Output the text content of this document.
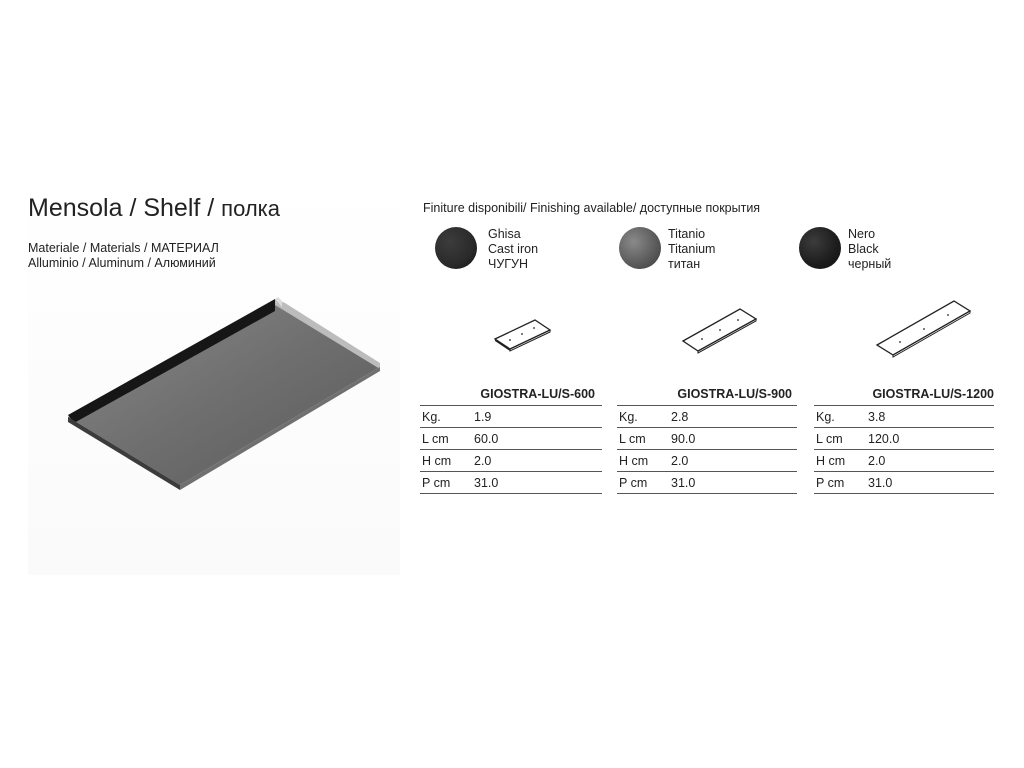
Mensola / Shelf / полка
Materiale / Materials / МАТЕРИАЛ
Alluminio / Aluminum / Алюминий
Finiture disponibili/ Finishing available/ доступные покрытия
Ghisa
Cast iron
ЧУГУН
Titanio
Titanium
титан
Nero
Black
черный
GIOSTRA-LU/S-600
Kg.	1.9
L cm	60.0
H cm	2.0
P cm	31.0
GIOSTRA-LU/S-900
Kg.	2.8
L cm	90.0
H cm	2.0
P cm	31.0
GIOSTRA-LU/S-1200
Kg.	3.8
L cm	120.0
H cm	2.0
P cm	31.0
